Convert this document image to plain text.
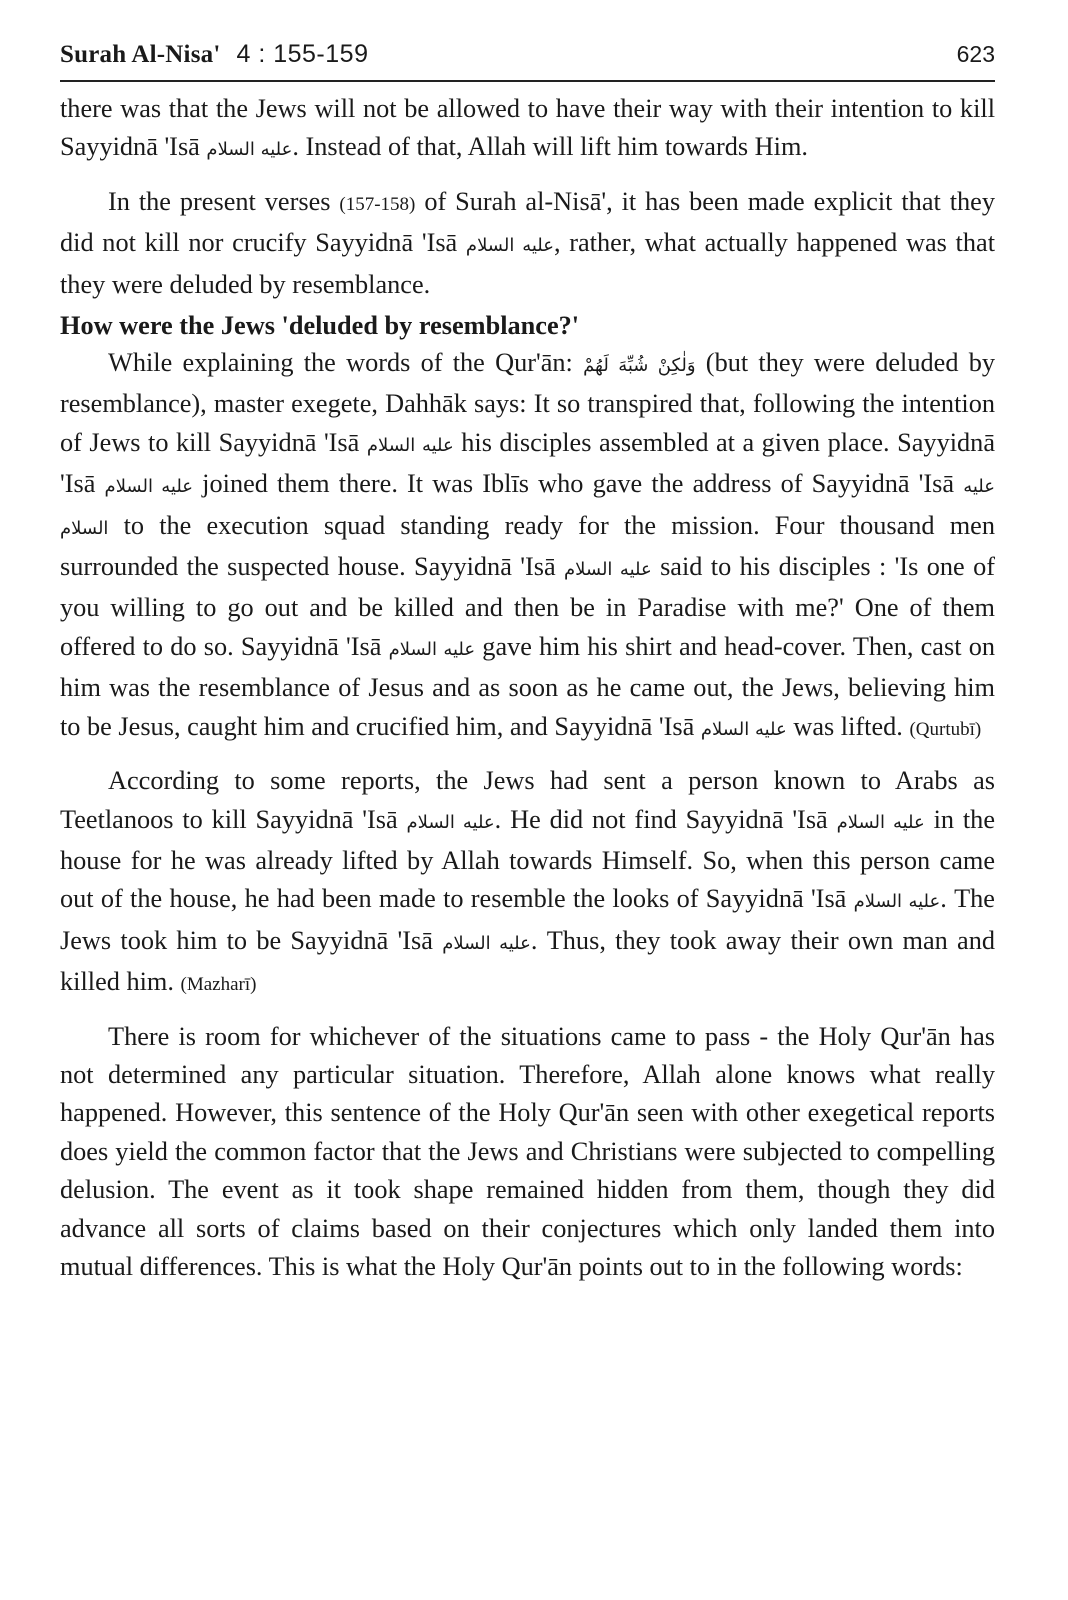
Surah Al-Nisa' 4 : 155-159	623

there was that the Jews will not be allowed to have their way with their intention to kill Sayyidnā 'Isā عليه السلام. Instead of that, Allah will lift him towards Him.

In the present verses (157-158) of Surah al-Nisā', it has been made explicit that they did not kill nor crucify Sayyidnā 'Isā عليه السلام, rather, what actually happened was that they were deluded by resemblance.

How were the Jews 'deluded by resemblance?'

While explaining the words of the Qur'ān: وَلٰكِنْ شُبِّهَ لَهُمْ (but they were deluded by resemblance), master exegete, Dahhāk says: It so transpired that, following the intention of Jews to kill Sayyidnā 'Isā عليه السلام his disciples assembled at a given place. Sayyidnā 'Isā عليه السلام joined them there. It was Iblīs who gave the address of Sayyidnā 'Isā عليه السلام to the execution squad standing ready for the mission. Four thousand men surrounded the suspected house. Sayyidnā 'Isā عليه السلام said to his disciples : 'Is one of you willing to go out and be killed and then be in Paradise with me?' One of them offered to do so. Sayyidnā 'Isā عليه السلام gave him his shirt and head-cover. Then, cast on him was the resemblance of Jesus and as soon as he came out, the Jews, believing him to be Jesus, caught him and crucified him, and Sayyidnā 'Isā عليه السلام was lifted. (Qurtubī)

According to some reports, the Jews had sent a person known to Arabs as Teetlanoos to kill Sayyidnā 'Isā عليه السلام. He did not find Sayyidnā 'Isā عليه السلام in the house for he was already lifted by Allah towards Himself. So, when this person came out of the house, he had been made to resemble the looks of Sayyidnā 'Isā عليه السلام. The Jews took him to be Sayyidnā 'Isā عليه السلام. Thus, they took away their own man and killed him. (Mazharī)

There is room for whichever of the situations came to pass - the Holy Qur'ān has not determined any particular situation. Therefore, Allah alone knows what really happened. However, this sentence of the Holy Qur'ān seen with other exegetical reports does yield the common factor that the Jews and Christians were subjected to compelling delusion. The event as it took shape remained hidden from them, though they did advance all sorts of claims based on their conjectures which only landed them into mutual differences. This is what the Holy Qur'ān points out to in the following words:
